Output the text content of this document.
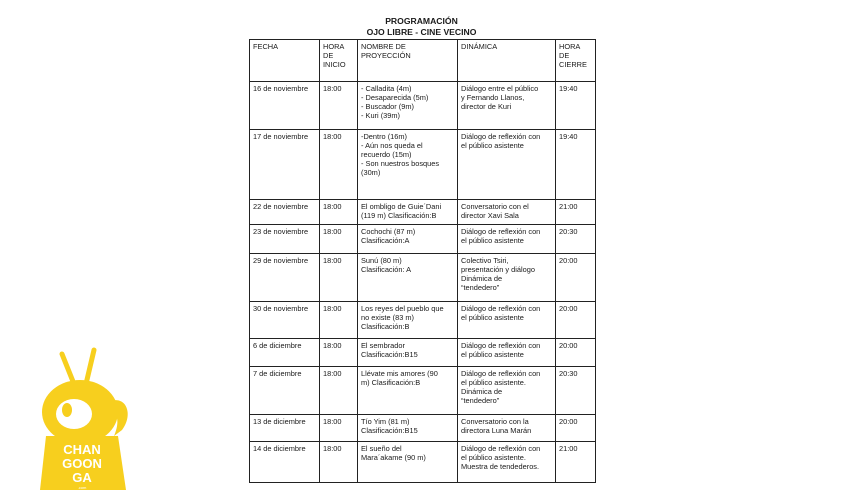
PROGRAMACIÓN
OJO LIBRE - CINE VECINO
FECHA	HORA
DE
INICIO	NOMBRE DE
PROYECCIÓN	DINÁMICA	HORA
DE
CIERRE
16 de noviembre	18:00	- Calladita (4m)
- Desaparecida (5m)
- Buscador (9m)
- Kuri (39m)	Diálogo entre el público
y Fernando Llanos,
director de Kuri	19:40
17 de noviembre	18:00	-Dentro (16m)
- Aún nos queda el
recuerdo (15m)
- Son nuestros bosques
(30m)	Diálogo de reflexión con
el público asistente	19:40
22 de noviembre	18:00	El ombligo de Guie´Dani
(119 m) Clasificación:B	Conversatorio con el
director Xavi Sala	21:00
23 de noviembre	18:00	Cochochi (87 m)
Clasificación:A	Diálogo de reflexión con
el público asistente	20:30
29 de noviembre	18:00	Sunú (80 m)
Clasificación: A	Colectivo Tsiri,
presentación y diálogo
Dinámica de
“tendedero”	20:00
30 de noviembre	18:00	Los reyes del pueblo que
no existe (83 m)
Clasificación:B	Diálogo de reflexión con
el público asistente	20:00
6 de diciembre	18:00	El sembrador
Clasificación:B15	Diálogo de reflexión con
el público asistente	20:00
7 de diciembre	18:00	Llévate mis amores (90
m) Clasificación:B	Diálogo de reflexión con
el público asistente.
Dinámica de
“tendedero”	20:30
13 de diciembre	18:00	Tío Yim (81 m)
Clasificación:B15	Conversatorio con la
directora Luna Marán	20:00
14 de diciembre	18:00	El sueño del
Mara´akame (90 m)	Diálogo de reflexión con
el público asistente.
Muestra de tendederos.	21:00
CHAN
GOON
GA
.com
